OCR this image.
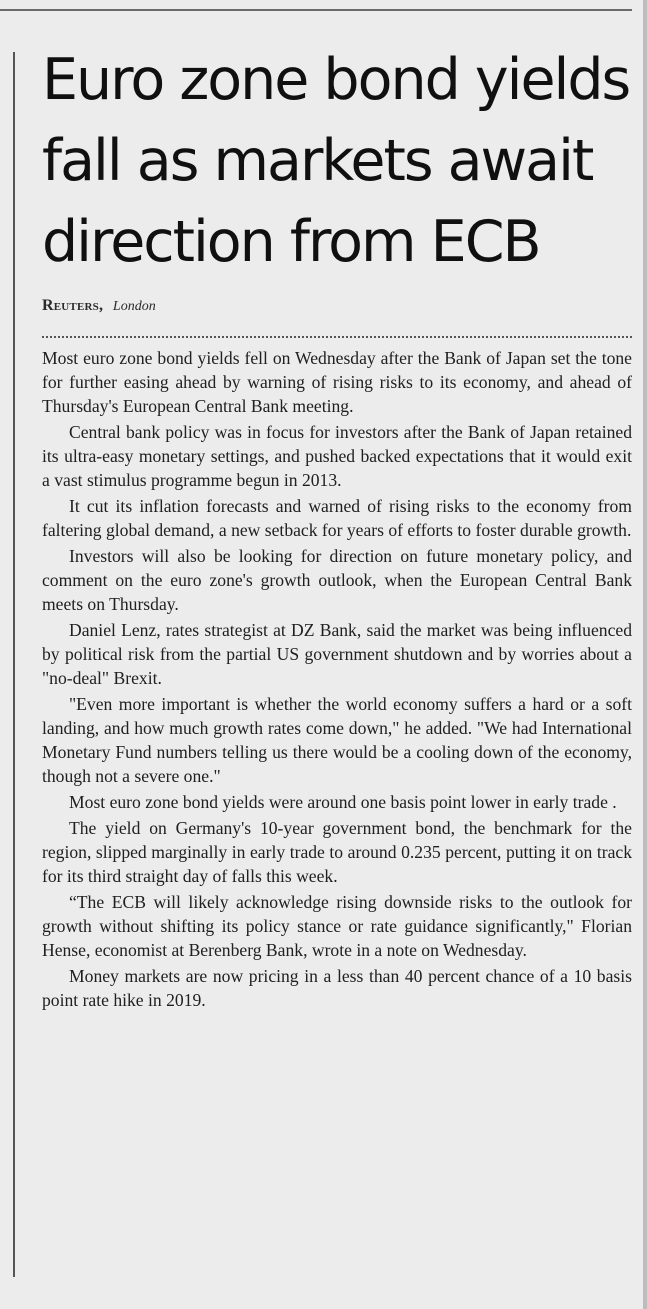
Euro zone bond yields fall as markets await direction from ECB
Reuters, London

Most euro zone bond yields fell on Wednesday after the Bank of Japan set the tone for further easing ahead by warning of rising risks to its economy, and ahead of Thursday's European Central Bank meeting.

Central bank policy was in focus for investors after the Bank of Japan retained its ultra-easy monetary settings, and pushed backed expectations that it would exit a vast stimulus programme begun in 2013.

It cut its inflation forecasts and warned of rising risks to the economy from faltering global demand, a new setback for years of efforts to foster durable growth.

Investors will also be looking for direction on future monetary policy, and comment on the euro zone's growth outlook, when the European Central Bank meets on Thursday.

Daniel Lenz, rates strategist at DZ Bank, said the market was being influenced by political risk from the partial US government shutdown and by worries about a "no-deal" Brexit.

"Even more important is whether the world economy suffers a hard or a soft landing, and how much growth rates come down," he added. "We had International Monetary Fund numbers telling us there would be a cooling down of the economy, though not a severe one."

Most euro zone bond yields were around one basis point lower in early trade .

The yield on Germany's 10-year government bond, the benchmark for the region, slipped marginally in early trade to around 0.235 percent, putting it on track for its third straight day of falls this week.

“The ECB will likely acknowledge rising downside risks to the outlook for growth without shifting its policy stance or rate guidance significantly," Florian Hense, economist at Berenberg Bank, wrote in a note on Wednesday.

Money markets are now pricing in a less than 40 percent chance of a 10 basis point rate hike in 2019.
